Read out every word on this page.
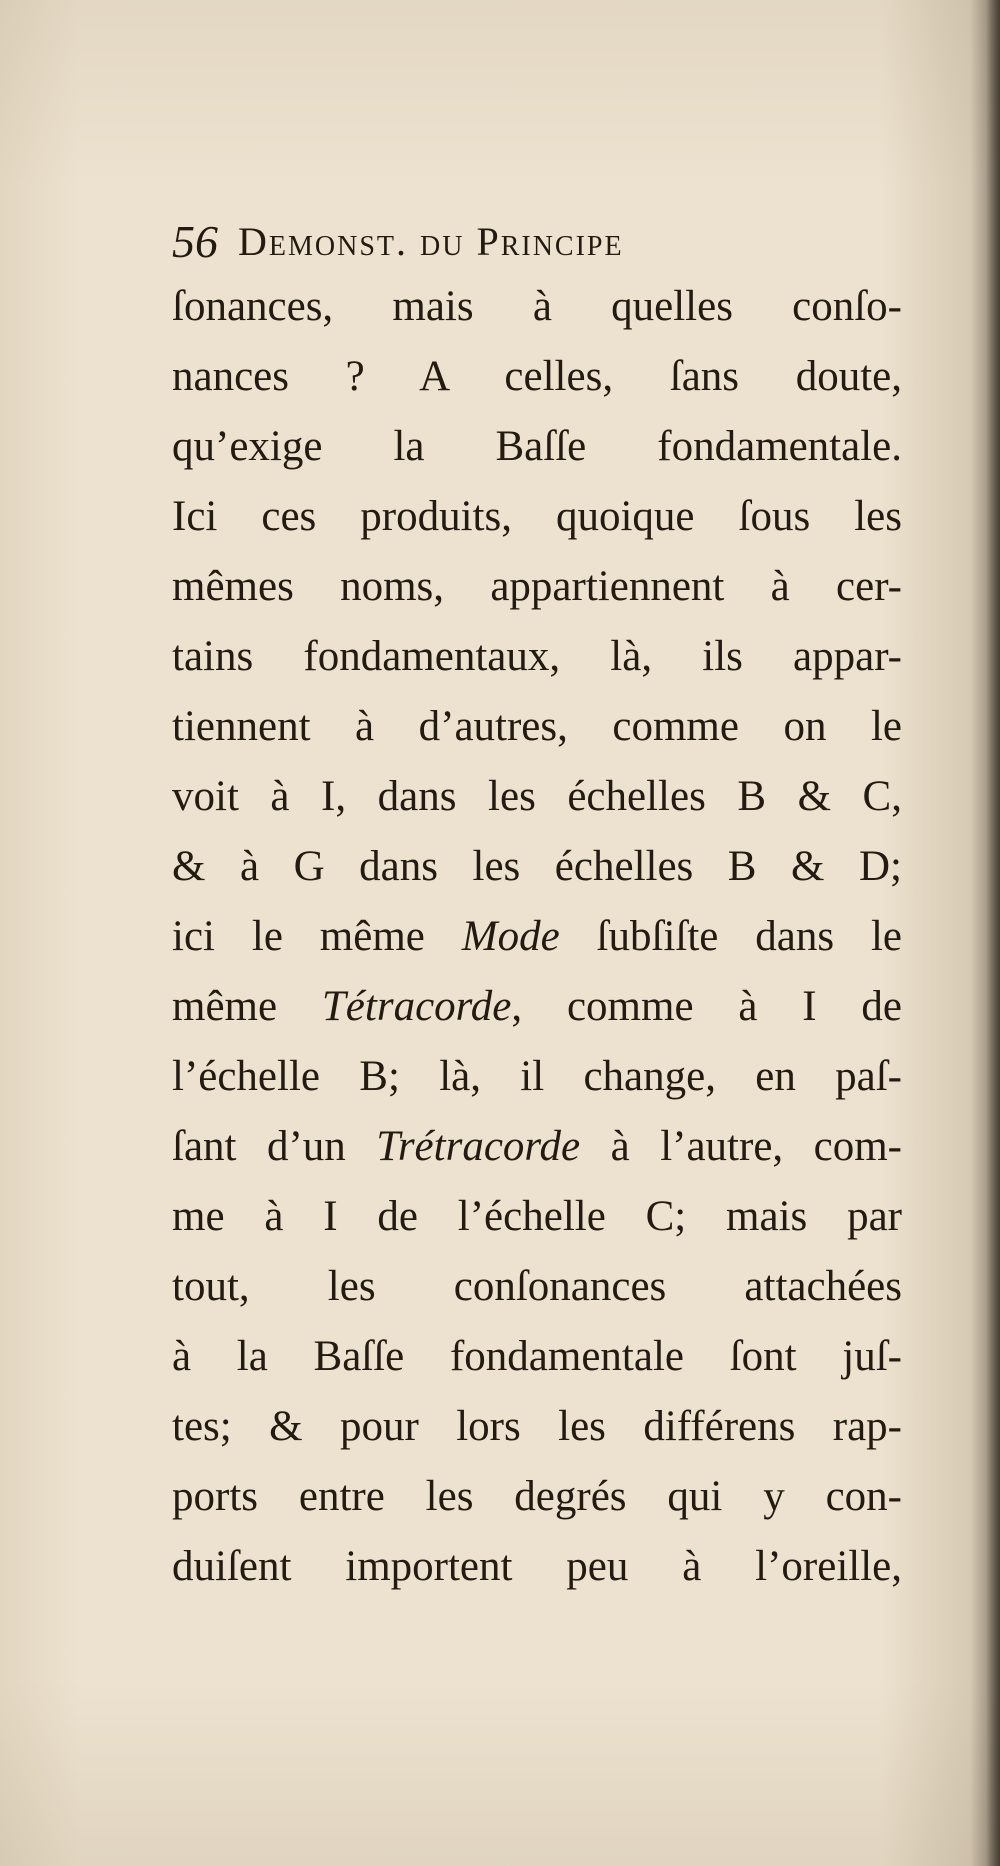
56 Demonst. du Principe
ſonances, mais à quelles conſo-
nances ? A celles, ſans doute,
qu’exige la Baſſe fondamentale.
Ici ces produits, quoique ſous les
mêmes noms, appartiennent à cer-
tains fondamentaux, là, ils appar-
tiennent à d’autres, comme on le
voit à I, dans les échelles B & C,
& à G dans les échelles B & D;
ici le même Mode ſubſiſte dans le
même Tétracorde, comme à I de
l’échelle B; là, il change, en paſ-
ſant d’un Trétracorde à l’autre, com-
me à I de l’échelle C; mais par
tout, les conſonances attachées
à la Baſſe fondamentale ſont juſ-
tes; & pour lors les différens rap-
ports entre les degrés qui y con-
duiſent importent peu à l’oreille,
